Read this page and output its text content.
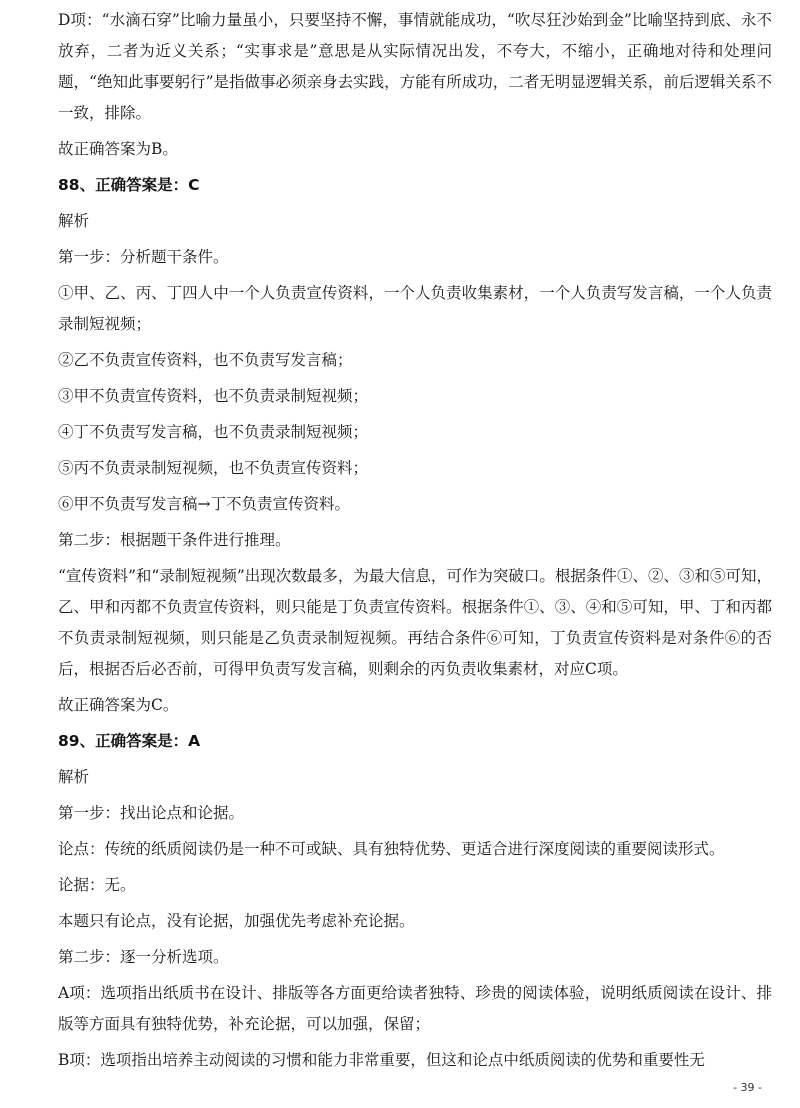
D项：“水滴石穿”比喻力量虽小，只要坚持不懈，事情就能成功，“吹尽狂沙始到金”比喻坚持到底、永不放弃，二者为近义关系；“实事求是”意思是从实际情况出发，不夸大，不缩小，正确地对待和处理问题，“绝知此事要躬行”是指做事必须亲身去实践，方能有所成功，二者无明显逻辑关系，前后逻辑关系不一致，排除。

故正确答案为B。

88、正确答案是：C

解析

第一步：分析题干条件。

①甲、乙、丙、丁四人中一个人负责宣传资料，一个人负责收集素材，一个人负责写发言稿，一个人负责录制短视频；

②乙不负责宣传资料，也不负责写发言稿；

③甲不负责宣传资料，也不负责录制短视频；

④丁不负责写发言稿，也不负责录制短视频；

⑤丙不负责录制短视频，也不负责宣传资料；

⑥甲不负责写发言稿→丁不负责宣传资料。

第二步：根据题干条件进行推理。

“宣传资料”和“录制短视频”出现次数最多，为最大信息，可作为突破口。根据条件①、②、③和⑤可知，乙、甲和丙都不负责宣传资料，则只能是丁负责宣传资料。根据条件①、③、④和⑤可知，甲、丁和丙都不负责录制短视频，则只能是乙负责录制短视频。再结合条件⑥可知，丁负责宣传资料是对条件⑥的否后，根据否后必否前，可得甲负责写发言稿，则剩余的丙负责收集素材，对应C项。

故正确答案为C。

89、正确答案是：A

解析

第一步：找出论点和论据。

论点：传统的纸质阅读仍是一种不可或缺、具有独特优势、更适合进行深度阅读的重要阅读形式。

论据：无。

本题只有论点，没有论据，加强优先考虑补充论据。

第二步：逐一分析选项。

A项：选项指出纸质书在设计、排版等各方面更给读者独特、珍贵的阅读体验，说明纸质阅读在设计、排版等方面具有独特优势，补充论据，可以加强，保留；

B项：选项指出培养主动阅读的习惯和能力非常重要，但这和论点中纸质阅读的优势和重要性无

- 39 -
